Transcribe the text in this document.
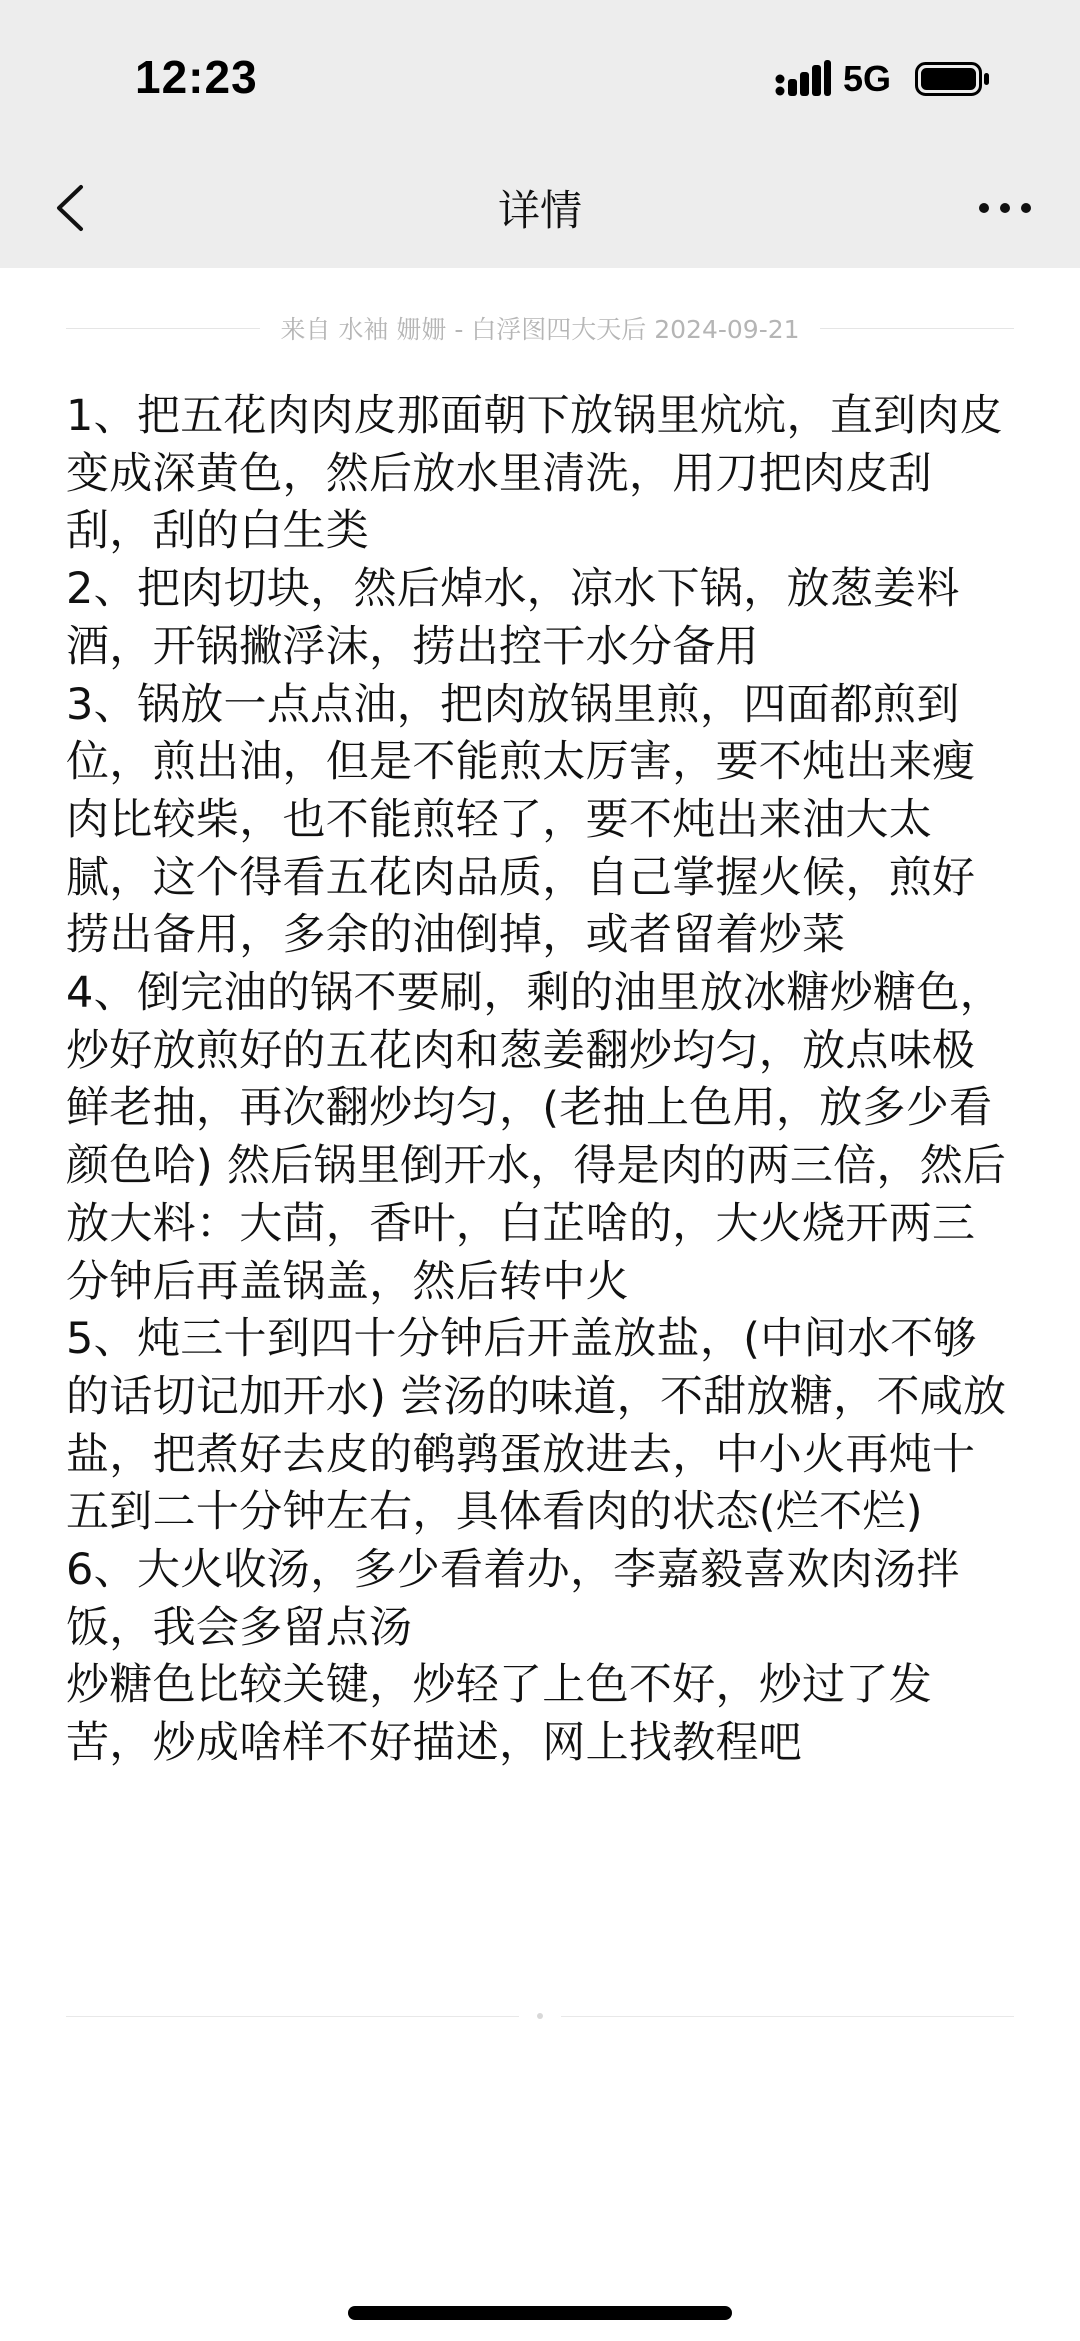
12:23	5G
详情
来自 水袖 姗姗 - 白浮图四大天后 2024-09-21

1、把五花肉肉皮那面朝下放锅里炕炕，直到肉皮变成深黄色，然后放水里清洗，用刀把肉皮刮刮，刮的白生类

2、把肉切块，然后焯水，凉水下锅，放葱姜料酒，开锅撇浮沫，捞出控干水分备用

3、锅放一点点油，把肉放锅里煎，四面都煎到位，煎出油，但是不能煎太厉害，要不炖出来瘦肉比较柴，也不能煎轻了，要不炖出来油大太腻，这个得看五花肉品质，自己掌握火候，煎好捞出备用，多余的油倒掉，或者留着炒菜

4、倒完油的锅不要刷，剩的油里放冰糖炒糖色，炒好放煎好的五花肉和葱姜翻炒均匀，放点味极鲜老抽，再次翻炒均匀，(老抽上色用，放多少看颜色哈) 然后锅里倒开水，得是肉的两三倍，然后放大料：大茴，香叶，白芷啥的，大火烧开两三分钟后再盖锅盖，然后转中火

5、炖三十到四十分钟后开盖放盐，(中间水不够的话切记加开水) 尝汤的味道，不甜放糖，不咸放盐，把煮好去皮的鹌鹑蛋放进去，中小火再炖十五到二十分钟左右，具体看肉的状态(烂不烂)

6、大火收汤，多少看着办，李嘉毅喜欢肉汤拌饭，我会多留点汤

炒糖色比较关键，炒轻了上色不好，炒过了发苦，炒成啥样不好描述，网上找教程吧
